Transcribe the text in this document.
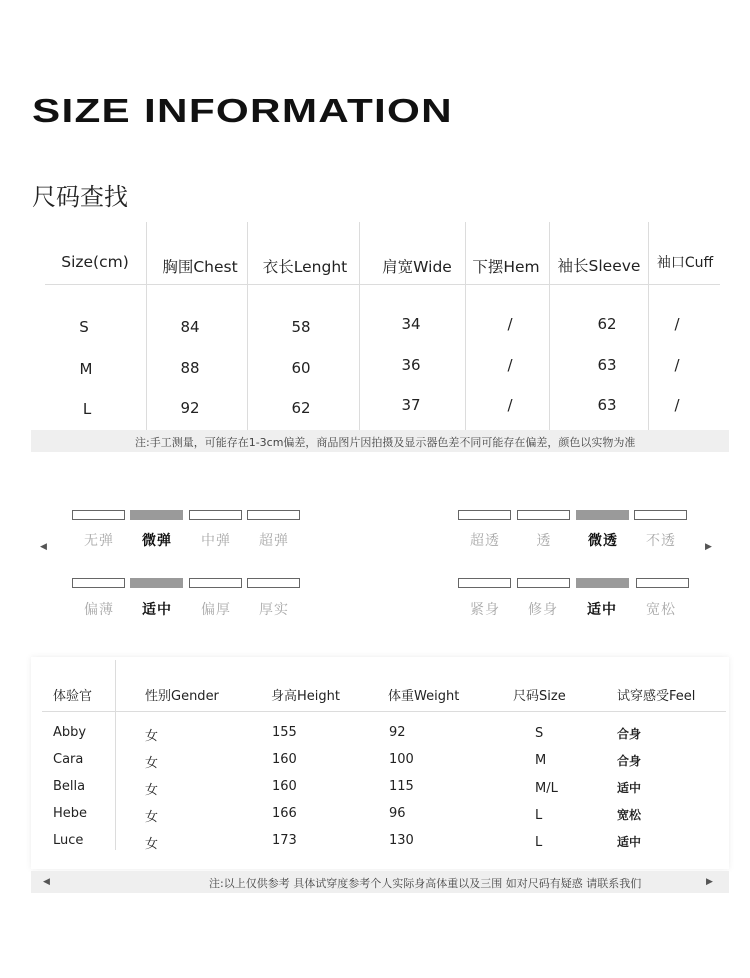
SIZE INFORMATION
尺码查找
Size(cm) 胸围Chest 衣长Lenght 肩宽Wide 下摆Hem 袖长Sleeve 袖口Cuff
S	84	58	34	/	62	/
M	88	60	36	/	63	/
L	92	62	37	/	63	/
注:手工测量，可能存在1-3cm偏差，商品图片因拍摄及显示器色差不同可能存在偏差，颜色以实物为准
◀	▶
无弹 微弹 中弹 超弹
偏薄 适中 偏厚 厚实
超透	透	微透 不透
紧身 修身 适中 宽松
体验官	性别Gender	身高Height	体重Weight	尺码Size	试穿感受Feel
Abby	女	155	92	S	合身
Cara	女	160	100	M	合身
Bella	女	160	115	M/L	适中
Hebe	女	166	96	L	宽松
Luce	女	173	130	L	适中
◀	▶
注:以上仅供参考 具体试穿度参考个人实际身高体重以及三围 如对尺码有疑惑 请联系我们
